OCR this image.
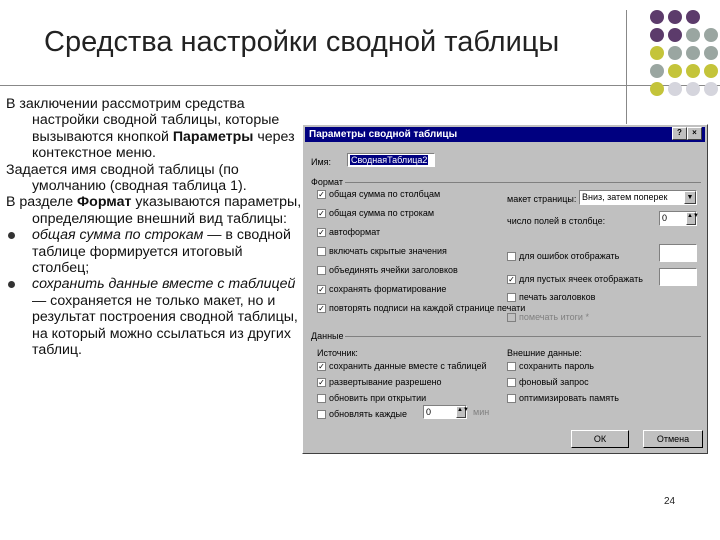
Средства настройки сводной таблицы

В заключении рассмотрим средства настройки сводной таблицы, которые вызываются кнопкой Параметры через контекстное меню.

Задается имя сводной таблицы (по умолчанию (сводная таблица 1).

В разделе Формат указываются параметры, определяющие внешний вид таблицы:

общая сумма по строкам — в сводной таблице формируется итоговый столбец;

сохранить данные вместе с таблицей — сохраняется не только макет, но и результат построения сводной таблицы, на который можно ссылаться из других таблиц.

Параметры сводной таблицы	?	×
Имя:	СводнаяТаблица2
Формат
✓ общая сумма по столбцам
✓ общая сумма по строкам
✓ автоформат
включать скрытые значения
объединять ячейки заголовков
✓ сохранять форматирование
✓ повторять подписи на каждой странице печати
макет страницы: Вниз, затем поперек	▼
число полей в столбце:	0	▲▼
для ошибок отображать
✓ для пустых ячеек отображать
печать заголовков
помечать итоги *
Данные
Источник:	Внешние данные:
✓ сохранить данные вместе с таблицей
✓ развертывание разрешено
обновить при открытии
обновлять каждые
сохранить пароль
фоновый запрос
оптимизировать память
0	▲▼ мин
ОК	Отмена
24
